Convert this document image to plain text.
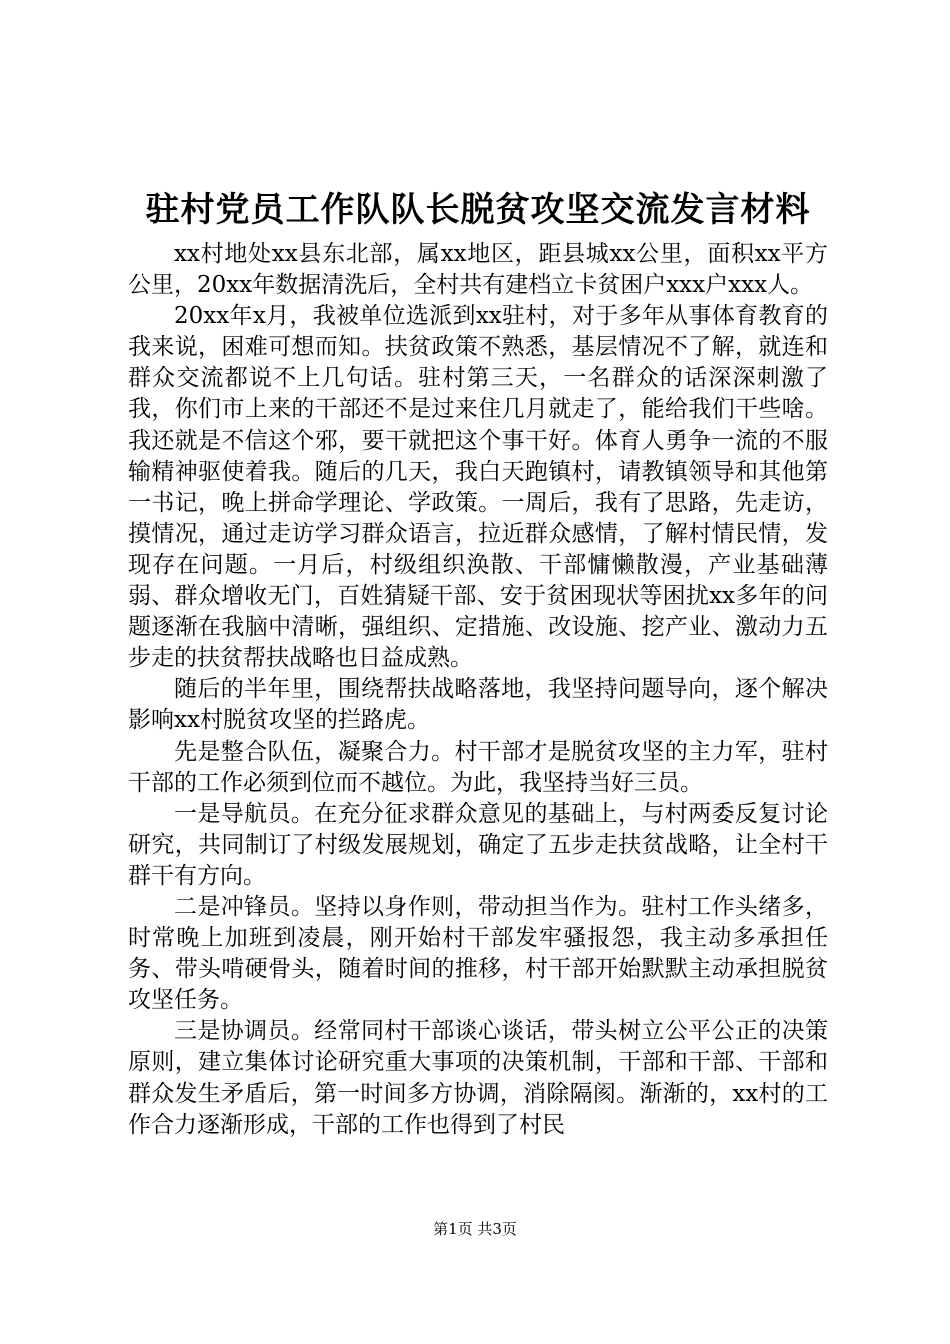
驻村党员工作队队长脱贫攻坚交流发言材料

xx村地处xx县东北部，属xx地区，距县城xx公里，面积xx平方公里，20xx年数据清洗后，全村共有建档立卡贫困户xxx户xxx人。

20xx年x月，我被单位选派到xx驻村，对于多年从事体育教育的我来说，困难可想而知。扶贫政策不熟悉，基层情况不了解，就连和群众交流都说不上几句话。驻村第三天，一名群众的话深深刺激了我，你们市上来的干部还不是过来住几月就走了，能给我们干些啥。我还就是不信这个邪，要干就把这个事干好。体育人勇争一流的不服输精神驱使着我。随后的几天，我白天跑镇村，请教镇领导和其他第一书记，晚上拼命学理论、学政策。一周后，我有了思路，先走访，摸情况，通过走访学习群众语言，拉近群众感情，了解村情民情，发现存在问题。一月后，村级组织涣散、干部慵懒散漫，产业基础薄弱、群众增收无门，百姓猜疑干部、安于贫困现状等困扰xx多年的问题逐渐在我脑中清晰，强组织、定措施、改设施、挖产业、激动力五步走的扶贫帮扶战略也日益成熟。

随后的半年里，围绕帮扶战略落地，我坚持问题导向，逐个解决影响xx村脱贫攻坚的拦路虎。

先是整合队伍，凝聚合力。村干部才是脱贫攻坚的主力军，驻村干部的工作必须到位而不越位。为此，我坚持当好三员。

一是导航员。在充分征求群众意见的基础上，与村两委反复讨论研究，共同制订了村级发展规划，确定了五步走扶贫战略，让全村干群干有方向。

二是冲锋员。坚持以身作则，带动担当作为。驻村工作头绪多，时常晚上加班到凌晨，刚开始村干部发牢骚报怨，我主动多承担任务、带头啃硬骨头，随着时间的推移，村干部开始默默主动承担脱贫攻坚任务。

三是协调员。经常同村干部谈心谈话，带头树立公平公正的决策原则，建立集体讨论研究重大事项的决策机制，干部和干部、干部和群众发生矛盾后，第一时间多方协调，消除隔阂。渐渐的，xx村的工作合力逐渐形成，干部的工作也得到了村民

第1页 共3页
